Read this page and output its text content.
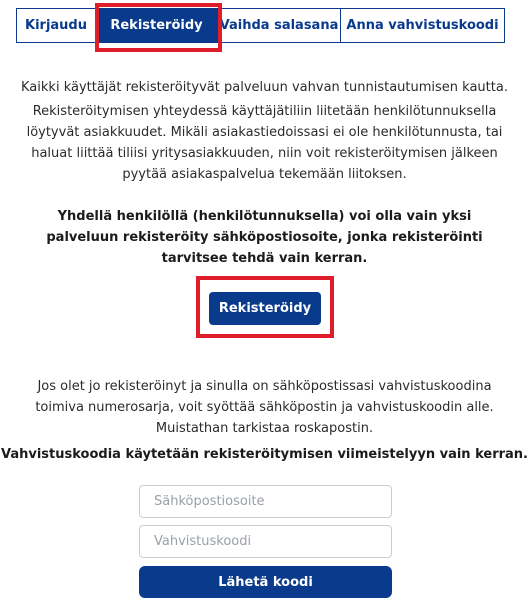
Kirjaudu	Rekisteröidy	Vaihda salasana Anna vahvistuskoodi
Kaikki käyttäjät rekisteröityvät palveluun vahvan tunnistautumisen kautta.
Rekisteröitymisen yhteydessä käyttäjätiliin liitetään henkilötunnuksella löytyvät asiakkuudet. Mikäli asiakastiedoissasi ei ole henkilötunnusta, tai haluat liittää tiliisi yritysasiakkuuden, niin voit rekisteröitymisen jälkeen pyytää asiakaspalvelua tekemään liitoksen.
Yhdellä henkilöllä (henkilötunnuksella) voi olla vain yksi palveluun rekisteröity sähköpostiosoite, jonka rekisteröinti tarvitsee tehdä vain kerran.
Rekisteröidy
Jos olet jo rekisteröinyt ja sinulla on sähköpostissasi vahvistuskoodina toimiva numerosarja, voit syöttää sähköpostin ja vahvistuskoodin alle. Muistathan tarkistaa roskapostin.
Vahvistuskoodia käytetään rekisteröitymisen viimeistelyyn vain kerran.
Sähköpostiosoite
Vahvistuskoodi
Lähetä koodi
